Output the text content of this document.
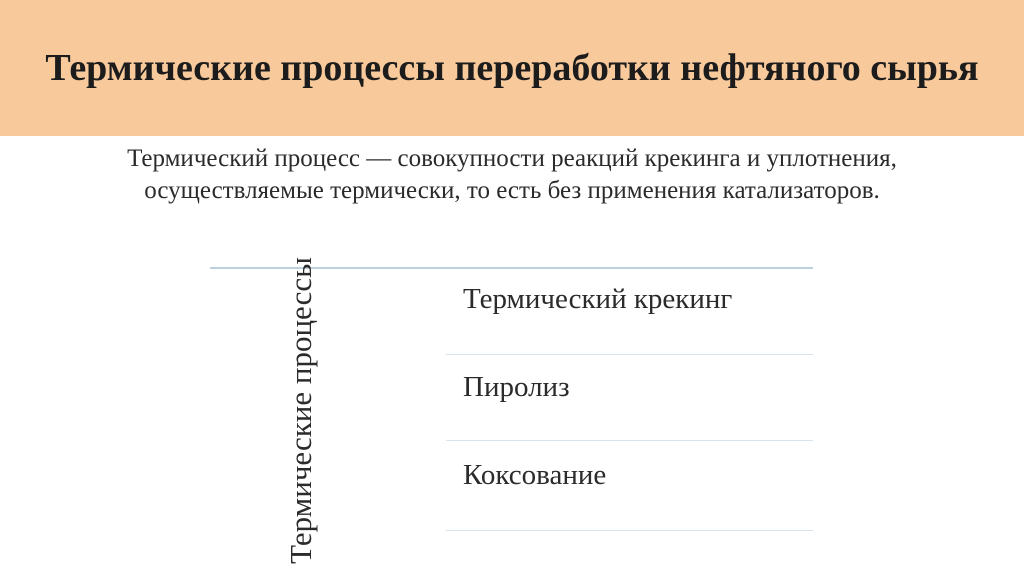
Термические процессы переработки нефтяного сырья
Термический процесс — совокупности реакций крекинга и уплотнения, осуществляемые термически, то есть без применения катализаторов.
Термические процессы	Термический крекинг
Пиролиз
Коксование
